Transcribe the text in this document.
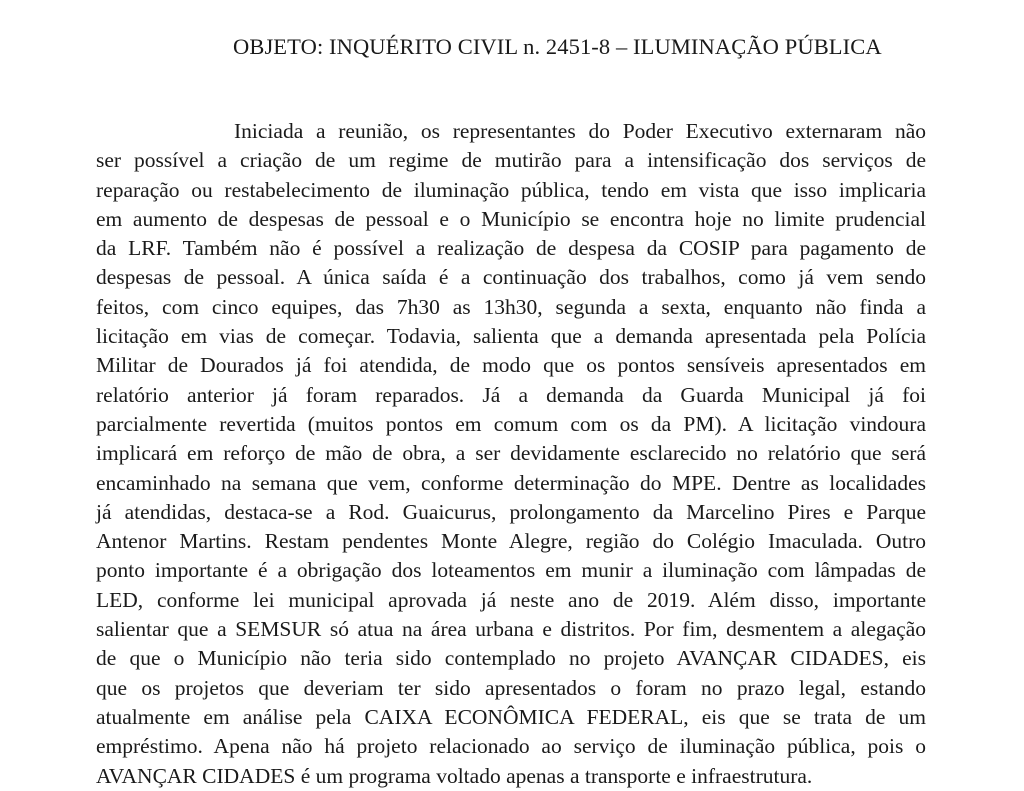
OBJETO: INQUÉRITO CIVIL n. 2451-8 – ILUMINAÇÃO PÚBLICA
Iniciada a reunião, os representantes do Poder Executivo externaram não
ser possível a criação de um regime de mutirão para a intensificação dos serviços de
reparação ou restabelecimento de iluminação pública, tendo em vista que isso implicaria
em aumento de despesas de pessoal e o Município se encontra hoje no limite prudencial
da LRF. Também não é possível a realização de despesa da COSIP para pagamento de
despesas de pessoal. A única saída é a continuação dos trabalhos, como já vem sendo
feitos, com cinco equipes, das 7h30 as 13h30, segunda a sexta, enquanto não finda a
licitação em vias de começar. Todavia, salienta que a demanda apresentada pela Polícia
Militar de Dourados já foi atendida, de modo que os pontos sensíveis apresentados em
relatório anterior já foram reparados. Já a demanda da Guarda Municipal já foi
parcialmente revertida (muitos pontos em comum com os da PM). A licitação vindoura
implicará em reforço de mão de obra, a ser devidamente esclarecido no relatório que será
encaminhado na semana que vem, conforme determinação do MPE. Dentre as localidades
já atendidas, destaca-se a Rod. Guaicurus, prolongamento da Marcelino Pires e Parque
Antenor Martins. Restam pendentes Monte Alegre, região do Colégio Imaculada. Outro
ponto importante é a obrigação dos loteamentos em munir a iluminação com lâmpadas de
LED, conforme lei municipal aprovada já neste ano de 2019. Além disso, importante
salientar que a SEMSUR só atua na área urbana e distritos. Por fim, desmentem a alegação
de que o Município não teria sido contemplado no projeto AVANÇAR CIDADES, eis
que os projetos que deveriam ter sido apresentados o foram no prazo legal, estando
atualmente em análise pela CAIXA ECONÔMICA FEDERAL, eis que se trata de um
empréstimo. Apena não há projeto relacionado ao serviço de iluminação pública, pois o
AVANÇAR CIDADES é um programa voltado apenas a transporte e infraestrutura.
